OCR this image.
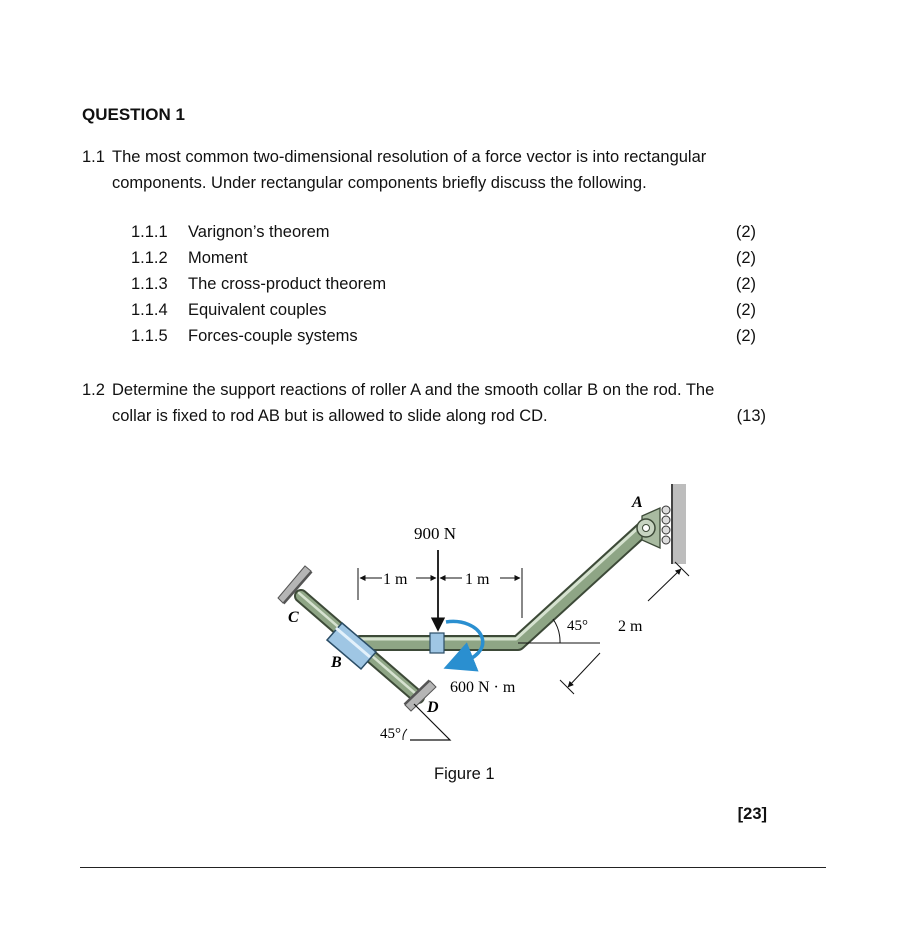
QUESTION 1
1.1 The most common two-dimensional resolution of a force vector is into rectangular
components. Under rectangular components briefly discuss the following.
1.1.1 Varignon’s theorem	(2)
1.1.2 Moment	(2)
1.1.3 The cross-product theorem	(2)
1.1.4 Equivalent couples	(2)
1.1.5 Forces-couple systems	(2)
1.2 Determine the support reactions of roller A and the smooth collar B on the rod. The
collar is fixed to rod AB but is allowed to slide along rod CD.	(13)
900 N
1 m	1 m
600 N · m
45° 2 m
45°
A
B
C
D
Figure 1
[23]
